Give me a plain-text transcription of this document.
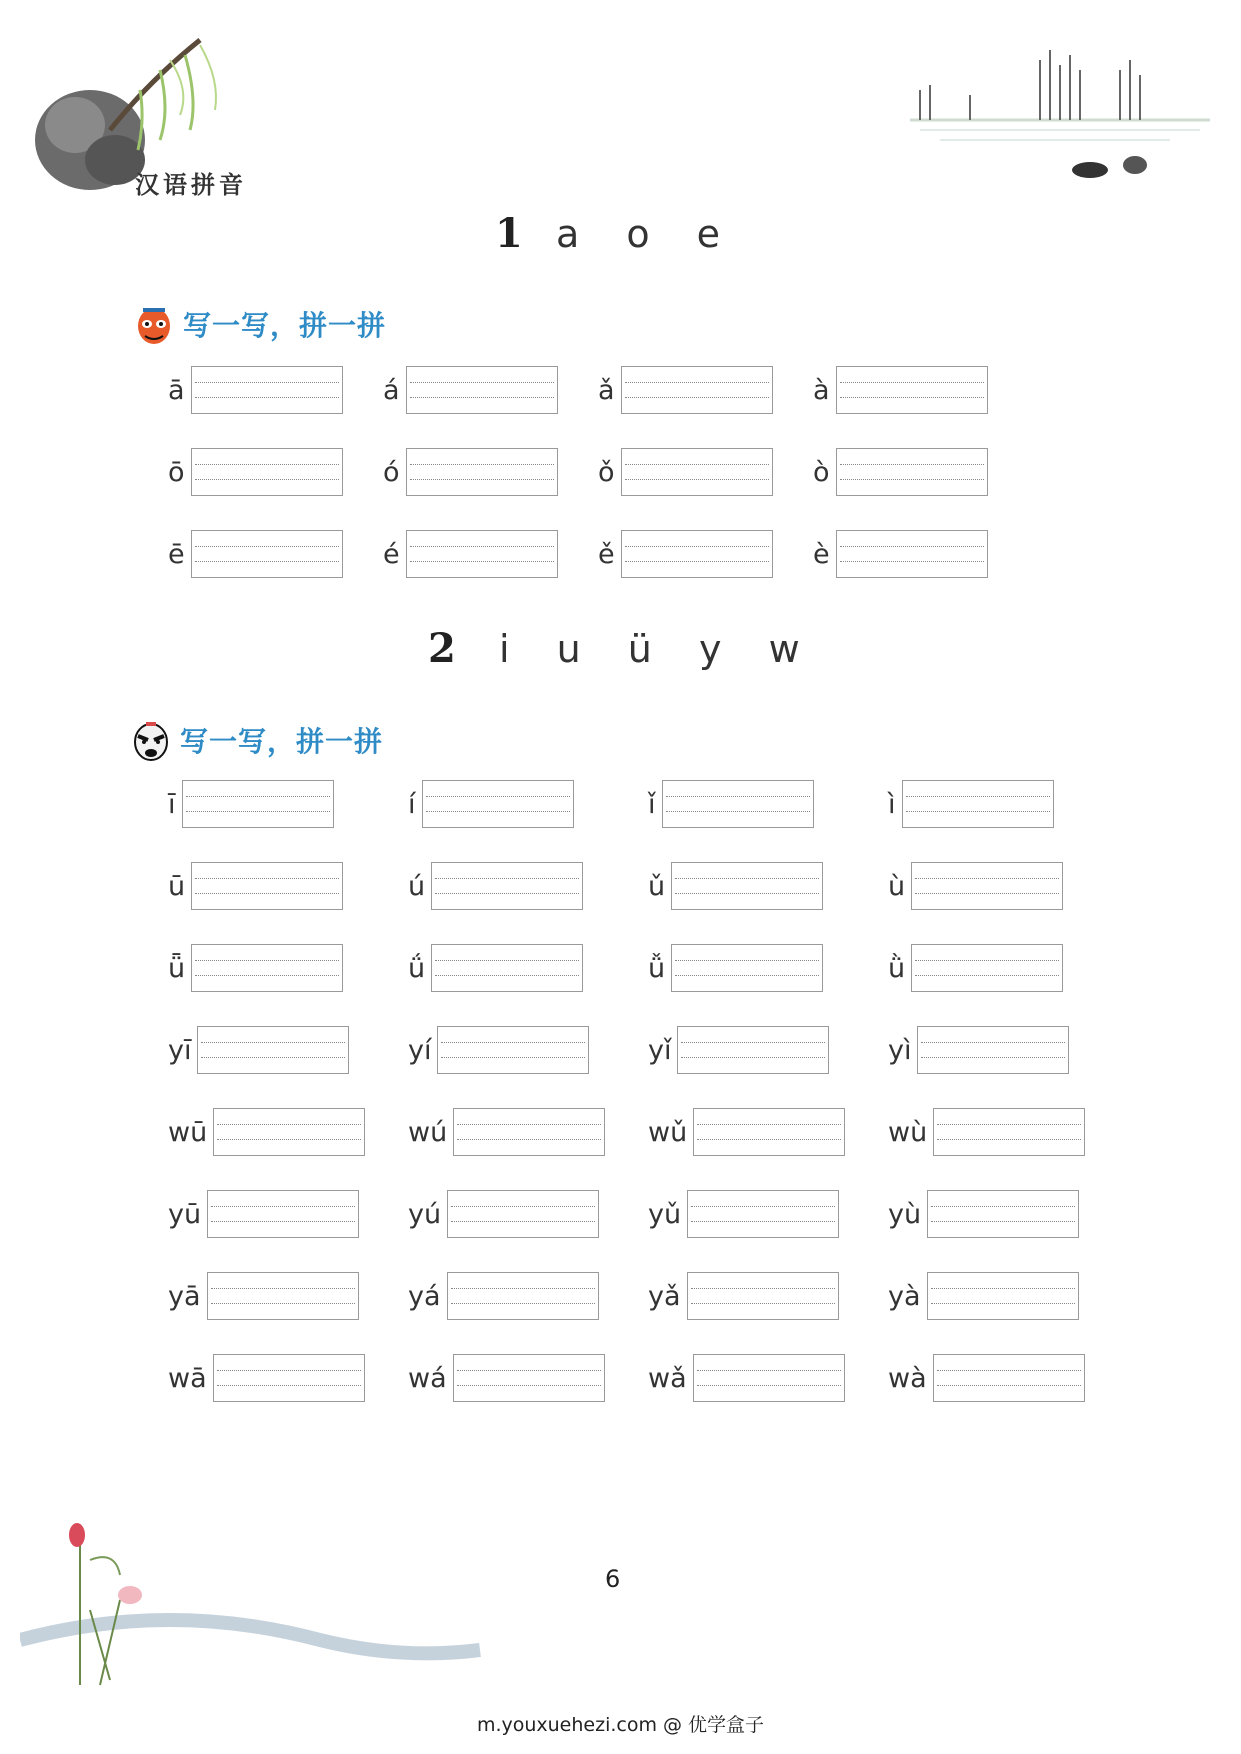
汉语拼音
1 a o e
写一写，拼一拼
ā	á	ǎ	à
ō	ó	ǒ	ò
ē	é	ě	è
2 i u ü y w
写一写，拼一拼
ī	í	ǐ	ì
ū	ú	ǔ	ù
ǖ	ǘ	ǚ	ǜ
yī	yí	yǐ	yì
wū	wú	wǔ	wù
yū	yú	yǔ	yù
yā	yá	yǎ	yà
wā	wá	wǎ	wà
6
m.youxuehezi.com @ 优学盒子
